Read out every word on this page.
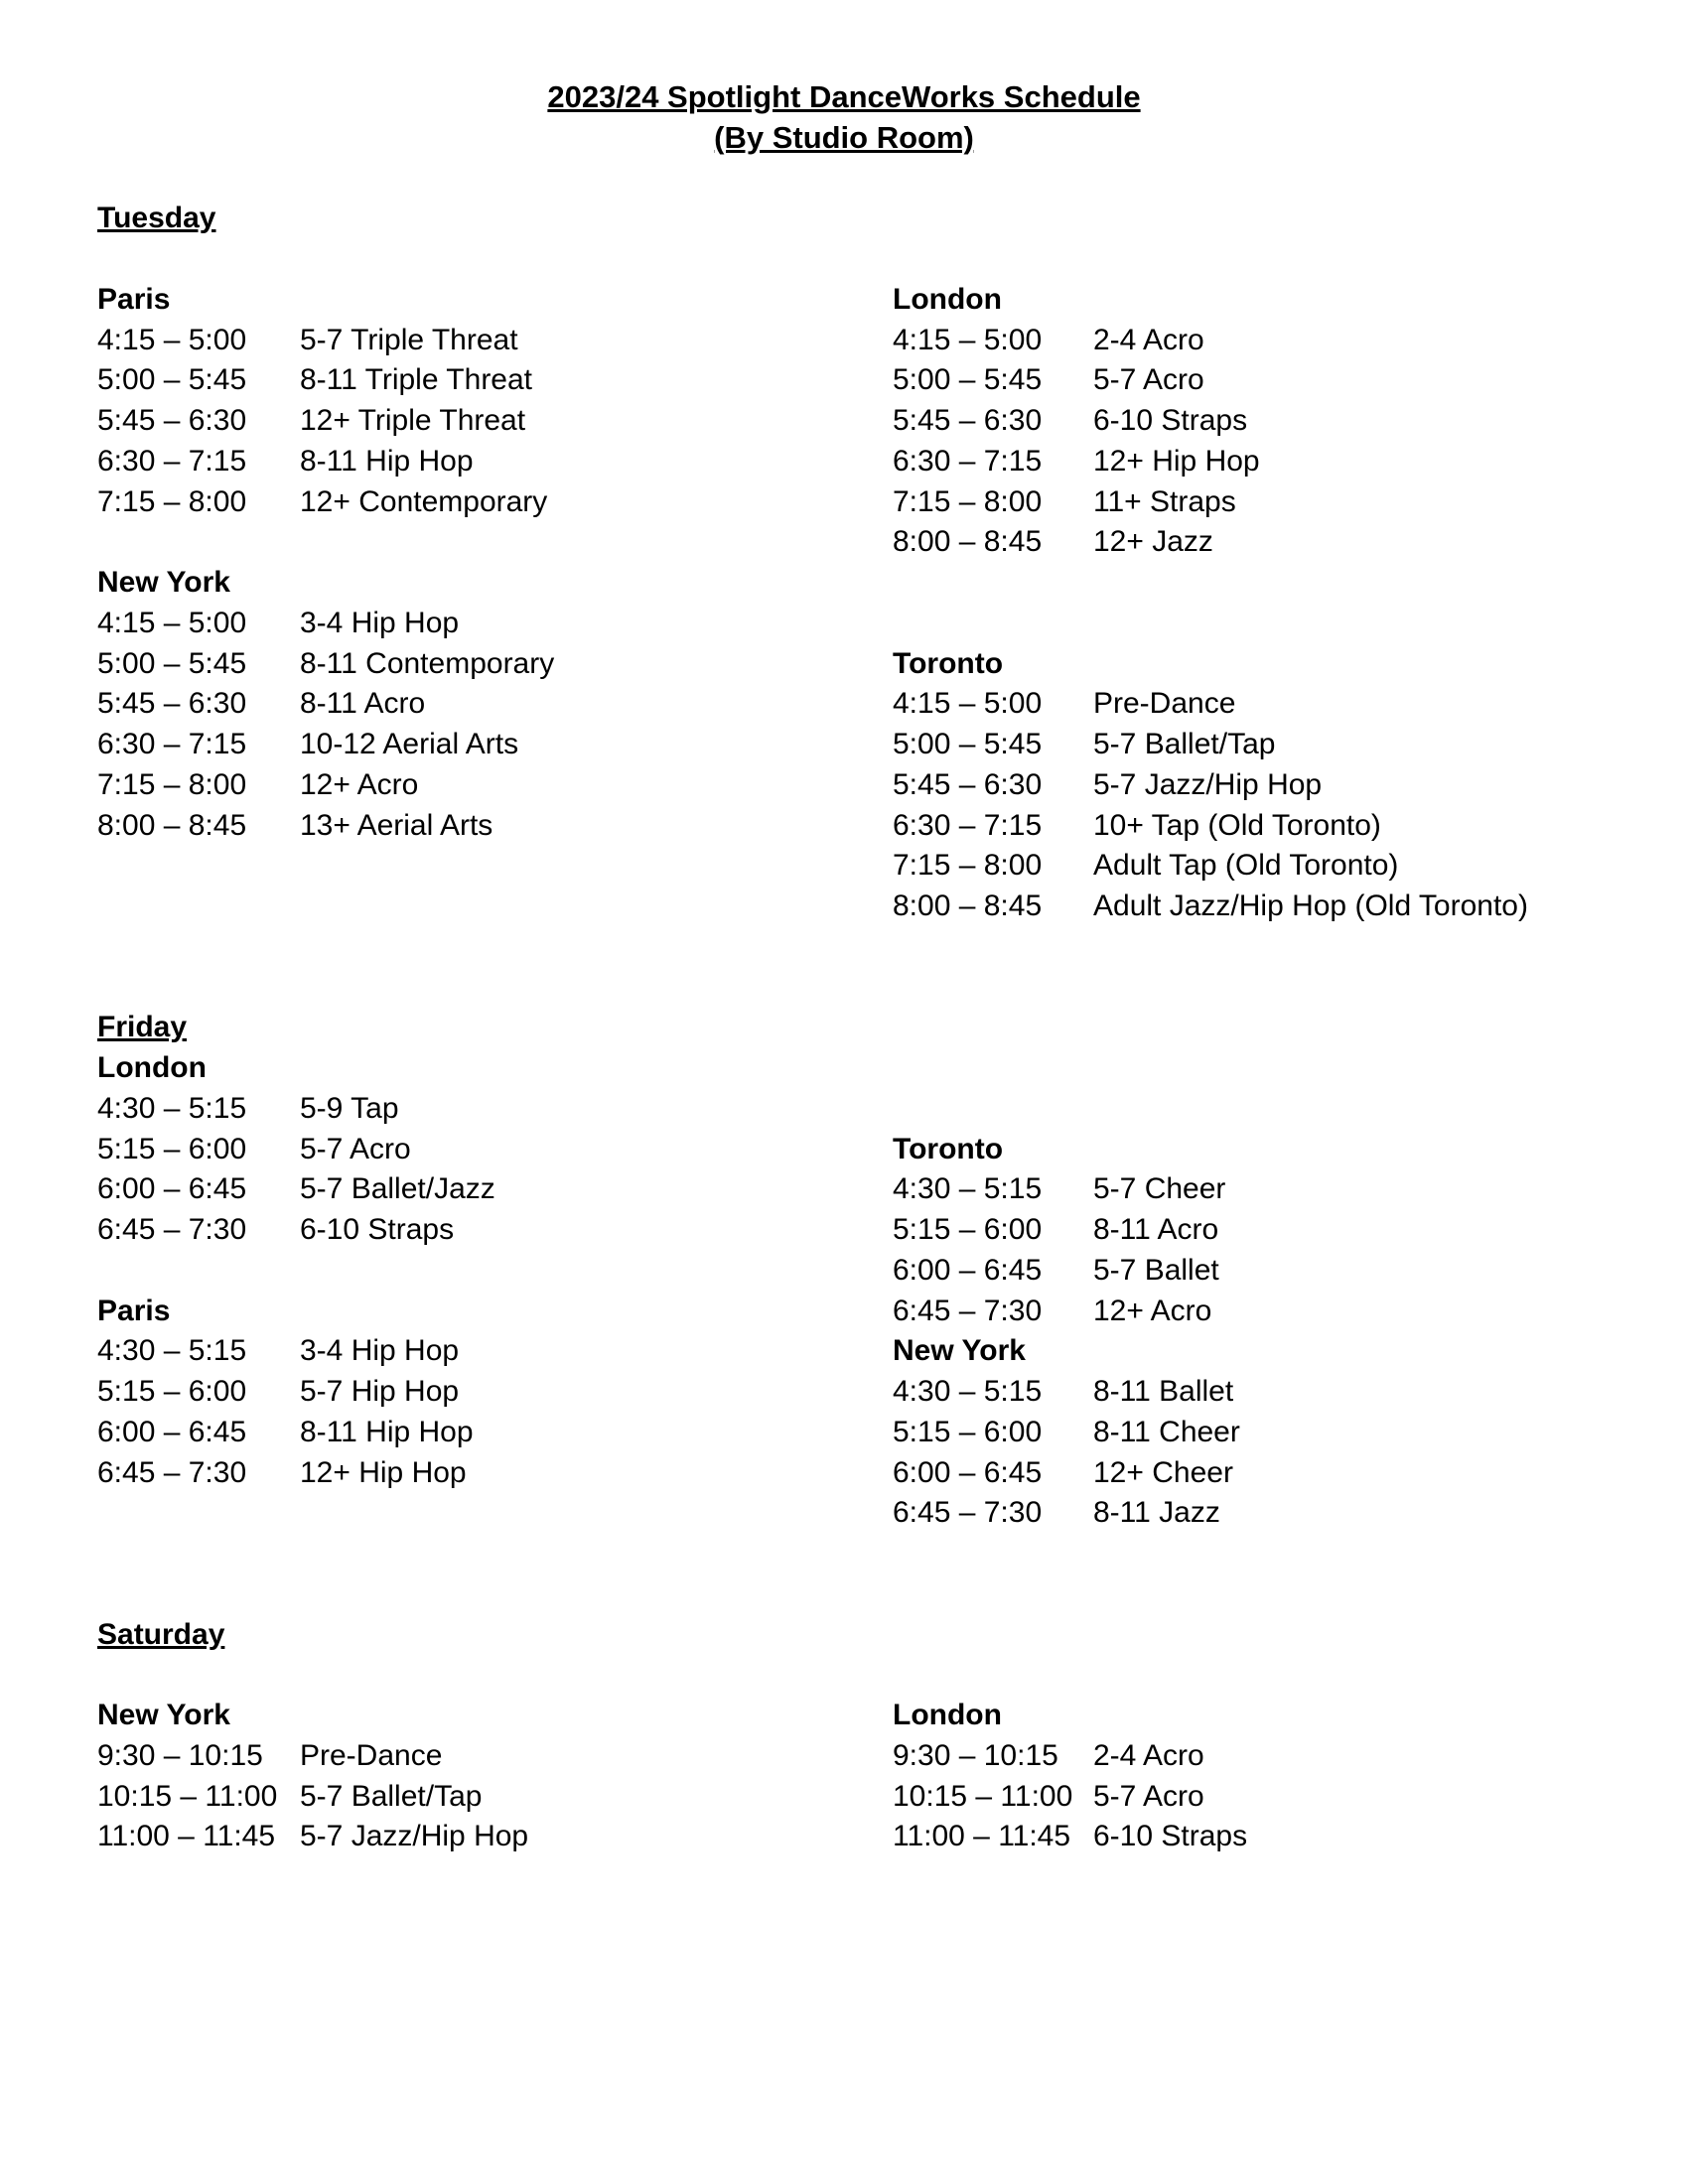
2023/24 Spotlight DanceWorks Schedule
(By Studio Room)
Tuesday
Paris	London
4:15 – 5:00	5-7 Triple Threat	4:15 – 5:00	2-4 Acro
5:00 – 5:45	8-11 Triple Threat	5:00 – 5:45	5-7 Acro
5:45 – 6:30	12+ Triple Threat	5:45 – 6:30	6-10 Straps
6:30 – 7:15	8-11 Hip Hop	6:30 – 7:15	12+ Hip Hop
7:15 – 8:00	12+ Contemporary	7:15 – 8:00	11+ Straps
8:00 – 8:45	12+ Jazz
New York
4:15 – 5:00	3-4 Hip Hop
5:00 – 5:45	8-11 Contemporary	Toronto
5:45 – 6:30	8-11 Acro	4:15 – 5:00	Pre-Dance
6:30 – 7:15	10-12 Aerial Arts	5:00 – 5:45	5-7 Ballet/Tap
7:15 – 8:00	12+ Acro	5:45 – 6:30	5-7 Jazz/Hip Hop
8:00 – 8:45	13+ Aerial Arts	6:30 – 7:15	10+ Tap (Old Toronto)
7:15 – 8:00	Adult Tap (Old Toronto)
8:00 – 8:45	Adult Jazz/Hip Hop (Old Toronto)
Friday
London
4:30 – 5:15	5-9 Tap
5:15 – 6:00	5-7 Acro	Toronto
6:00 – 6:45	5-7 Ballet/Jazz	4:30 – 5:15	5-7 Cheer
6:45 – 7:30	6-10 Straps	5:15 – 6:00	8-11 Acro
6:00 – 6:45	5-7 Ballet
Paris	6:45 – 7:30	12+ Acro
4:30 – 5:15	3-4 Hip Hop	New York
5:15 – 6:00	5-7 Hip Hop	4:30 – 5:15	8-11 Ballet
6:00 – 6:45	8-11 Hip Hop	5:15 – 6:00	8-11 Cheer
6:45 – 7:30	12+ Hip Hop	6:00 – 6:45	12+ Cheer
6:45 – 7:30	8-11 Jazz
Saturday
New York	London
9:30 – 10:15	Pre-Dance	9:30 – 10:15	2-4 Acro
10:15 – 11:00 5-7 Ballet/Tap	10:15 – 11:00 5-7 Acro
11:00 – 11:45 5-7 Jazz/Hip Hop	11:00 – 11:45 6-10 Straps
